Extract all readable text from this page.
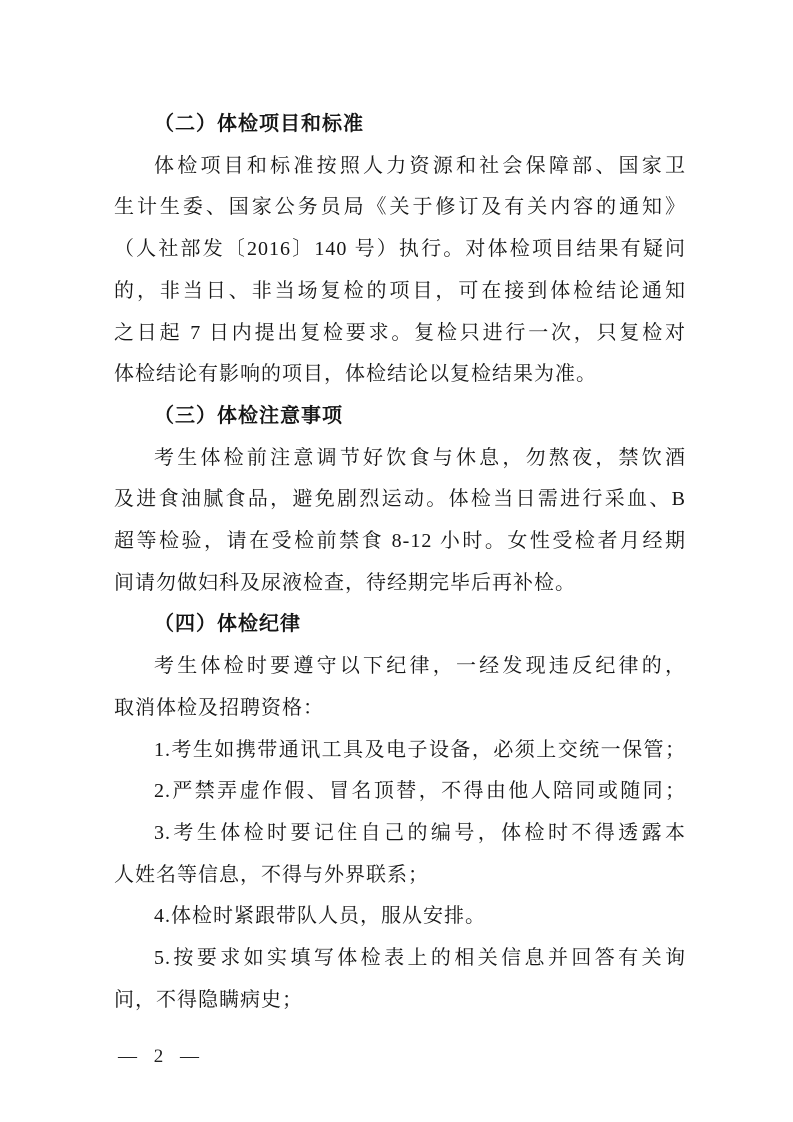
（二）体检项目和标准
体检项目和标准按照人力资源和社会保障部、国家卫
生计生委、国家公务员局《关于修订及有关内容的通知》
（人社部发〔2016〕140 号）执行。对体检项目结果有疑问
的，非当日、非当场复检的项目，可在接到体检结论通知
之日起 7 日内提出复检要求。复检只进行一次，只复检对
体检结论有影响的项目，体检结论以复检结果为准。
（三）体检注意事项
考生体检前注意调节好饮食与休息，勿熬夜，禁饮酒
及进食油腻食品，避免剧烈运动。体检当日需进行采血、B
超等检验，请在受检前禁食 8-12 小时。女性受检者月经期
间请勿做妇科及尿液检查，待经期完毕后再补检。
（四）体检纪律
考生体检时要遵守以下纪律，一经发现违反纪律的，
取消体检及招聘资格：
1.考生如携带通讯工具及电子设备，必须上交统一保管；
2.严禁弄虚作假、冒名顶替，不得由他人陪同或随同；
3.考生体检时要记住自己的编号，体检时不得透露本
人姓名等信息，不得与外界联系；
4.体检时紧跟带队人员，服从安排。
5.按要求如实填写体检表上的相关信息并回答有关询
问，不得隐瞒病史；
— 2 —
